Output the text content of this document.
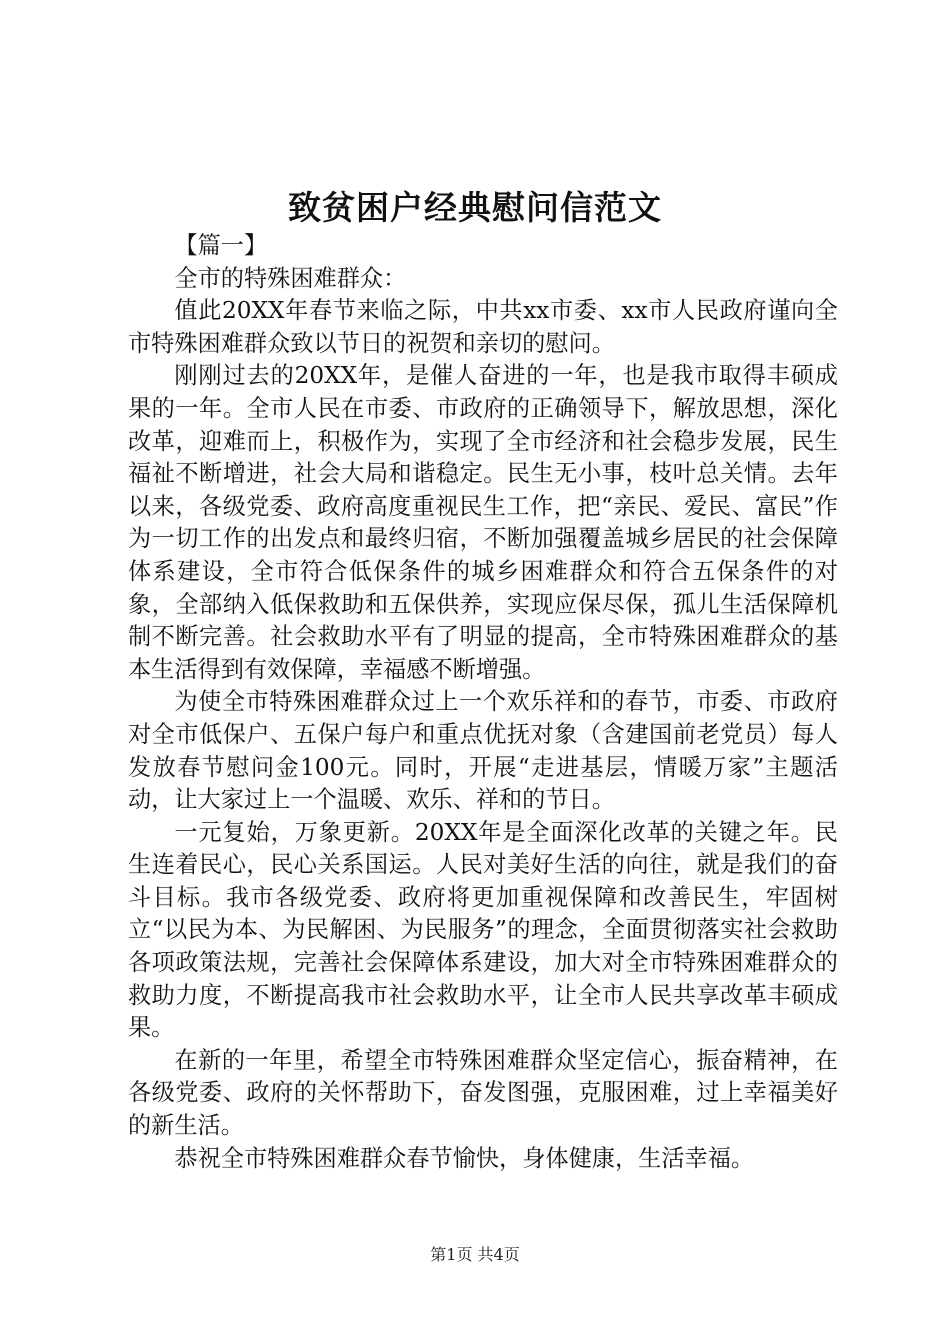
致贫困户经典慰问信范文

【篇一】

全市的特殊困难群众：

值此20XX年春节来临之际，中共xx市委、xx市人民政府谨向全市特殊困难群众致以节日的祝贺和亲切的慰问。

刚刚过去的20XX年，是催人奋进的一年，也是我市取得丰硕成果的一年。全市人民在市委、市政府的正确领导下，解放思想，深化改革，迎难而上，积极作为，实现了全市经济和社会稳步发展，民生福祉不断增进，社会大局和谐稳定。民生无小事，枝叶总关情。去年以来，各级党委、政府高度重视民生工作，把“亲民、爱民、富民”作为一切工作的出发点和最终归宿，不断加强覆盖城乡居民的社会保障体系建设，全市符合低保条件的城乡困难群众和符合五保条件的对象，全部纳入低保救助和五保供养，实现应保尽保，孤儿生活保障机制不断完善。社会救助水平有了明显的提高，全市特殊困难群众的基本生活得到有效保障，幸福感不断增强。

为使全市特殊困难群众过上一个欢乐祥和的春节，市委、市政府对全市低保户、五保户每户和重点优抚对象（含建国前老党员）每人发放春节慰问金100元。同时，开展“走进基层，情暖万家”主题活动，让大家过上一个温暖、欢乐、祥和的节日。

一元复始，万象更新。20XX年是全面深化改革的关键之年。民生连着民心，民心关系国运。人民对美好生活的向往，就是我们的奋斗目标。我市各级党委、政府将更加重视保障和改善民生，牢固树立“以民为本、为民解困、为民服务”的理念，全面贯彻落实社会救助各项政策法规，完善社会保障体系建设，加大对全市特殊困难群众的救助力度，不断提高我市社会救助水平，让全市人民共享改革丰硕成果。

在新的一年里，希望全市特殊困难群众坚定信心，振奋精神，在各级党委、政府的关怀帮助下，奋发图强，克服困难，过上幸福美好的新生活。

恭祝全市特殊困难群众春节愉快，身体健康，生活幸福。

第1页 共4页
